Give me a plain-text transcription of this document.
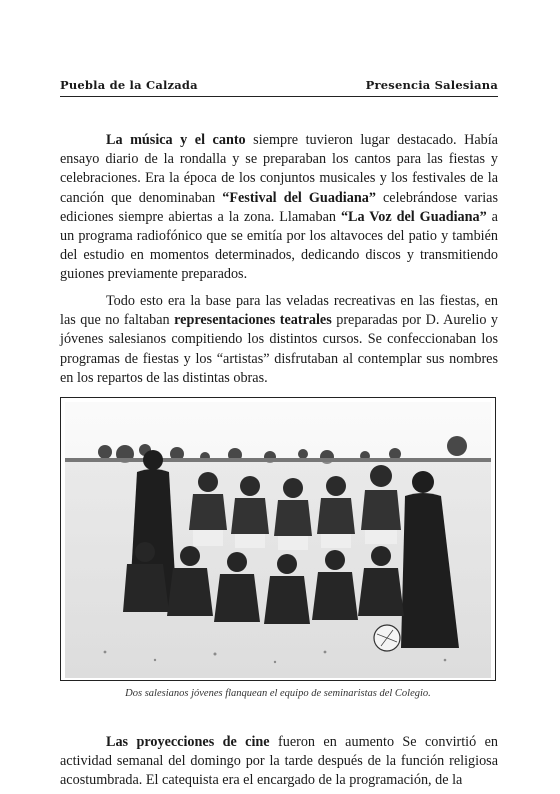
Puebla de la Calzada	Presencia Salesiana

La música y el canto siempre tuvieron lugar destacado. Había ensayo diario de la rondalla y se preparaban los cantos para las fiestas y celebraciones. Era la época de los conjuntos musicales y los festivales de la canción que denominaban “Festival del Guadiana” celebrándose varias ediciones siempre abiertas a la zona. Llamaban “La Voz del Guadiana” a un programa radiofónico que se emitía por los altavoces del patio y también del estudio en momentos determinados, dedicando discos y transmitiendo guiones previamente preparados.

Todo esto era la base para las veladas recreativas en las fiestas, en las que no faltaban representaciones teatrales preparadas por D. Aurelio y jóvenes salesianos compitiendo los distintos cursos. Se confeccionaban los programas de fiestas y los “artistas” disfrutaban al contemplar sus nombres en los repartos de las distintas obras.

Dos salesianos jóvenes flanquean el equipo de seminaristas del Colegio.

Las proyecciones de cine fueron en aumento Se convirtió en actividad semanal del domingo por la tarde después de la función religiosa acostumbrada. El catequista era el encargado de la programación, de la
